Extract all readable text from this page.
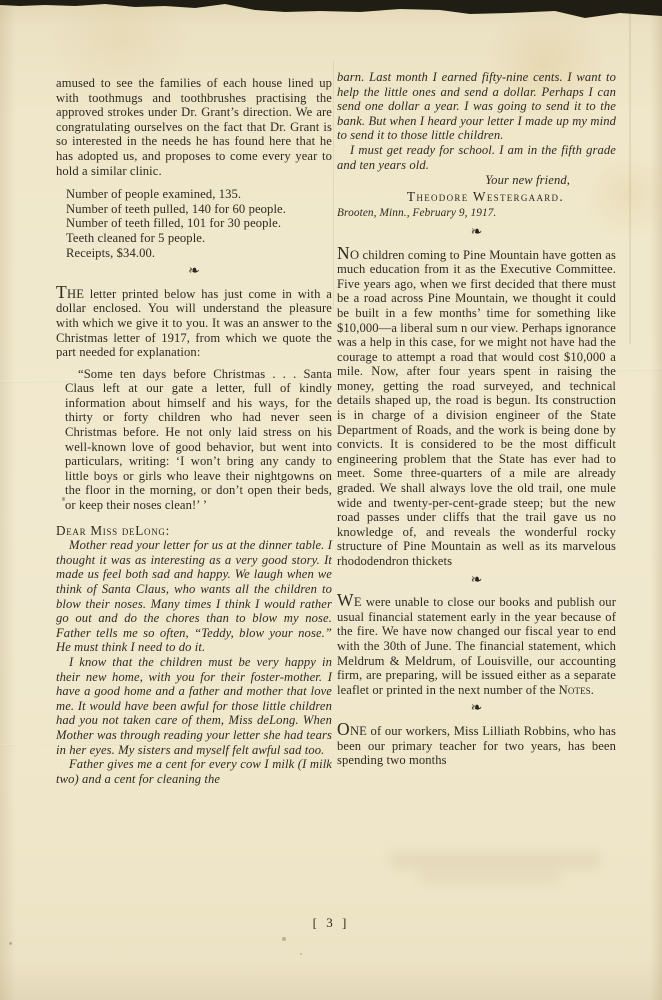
amused to see the families of each house lined up with toothmugs and toothbrushes practising the approved strokes under Dr. Grant’s direction. We are congratulating ourselves on the fact that Dr. Grant is so interested in the needs he has found here that he has adopted us, and proposes to come every year to hold a similar clinic.

Number of people examined, 135.
Number of teeth pulled, 140 for 60 people.
Number of teeth filled, 101 for 30 people.
Teeth cleaned for 5 people.
Receipts, $34.00.
❧

THE letter printed below has just come in with a dollar enclosed. You will understand the pleasure with which we give it to you. It was an answer to the Christmas letter of 1917, from which we quote the part needed for explanation:

“Some ten days before Christmas . . . Santa Claus left at our gate a letter, full of kindly information about himself and his ways, for the thirty or forty children who had never seen Christmas before. He not only laid stress on his well-known love of good behavior, but went into particulars, writing: ‘I won’t bring any candy to little boys or girls who leave their nightgowns on the floor in the morning, or don’t open their beds, or keep their noses clean!’ ’

Dear Miss deLong:

Mother read your letter for us at the dinner table. I thought it was as interesting as a very good story. It made us feel both sad and happy. We laugh when we think of Santa Claus, who wants all the children to blow their noses. Many times I think I would rather go out and do the chores than to blow my nose. Father tells me so often, “Teddy, blow your nose.” He must think I need to do it.

I know that the children must be very happy in their new home, with you for their foster-mother. I have a good home and a father and mother that love me. It would have been awful for those little children had you not taken care of them, Miss deLong. When Mother was through reading your letter she had tears in her eyes. My sisters and myself felt awful sad too.

Father gives me a cent for every cow I milk (I milk two) and a cent for cleaning the

barn. Last month I earned fifty-nine cents. I want to help the little ones and send a dollar. Perhaps I can send one dollar a year. I was going to send it to the bank. But when I heard your letter I made up my mind to send it to those little children.

I must get ready for school. I am in the fifth grade and ten years old.

Your new friend,

Theodore Westergaard.

Brooten, Minn., February 9, 1917.

❧

NO children coming to Pine Mountain have gotten as much education from it as the Executive Committee. Five years ago, when we first decided that there must be a road across Pine Mountain, we thought it could be built in a few months’ time for something like $10,000—a liberal sum n our view. Perhaps ignorance was a help in this case, for we might not have had the courage to attempt a road that would cost $10,000 a mile. Now, after four years spent in raising the money, getting the road surveyed, and technical details shaped up, the road is begun. Its construction is in charge of a division engineer of the State Department of Roads, and the work is being done by convicts. It is considered to be the most difficult engineering problem that the State has ever had to meet. Some three-quarters of a mile are already graded. We shall always love the old trail, one mule wide and twenty-per-cent-grade steep; but the new road passes under cliffs that the trail gave us no knowledge of, and reveals the wonderful rocky structure of Pine Mountain as well as its marvelous rhododendron thickets

❧

WE were unable to close our books and publish our usual financial statement early in the year because of the fire. We have now changed our fiscal year to end with the 30th of June. The financial statement, which Meldrum & Meldrum, of Louisville, our accounting firm, are preparing, will be issued either as a separate leaflet or printed in the next number of the Notes.

❧

ONE of our workers, Miss Lilliath Robbins, who has been our primary teacher for two years, has been spending two months

[ 3 ]
